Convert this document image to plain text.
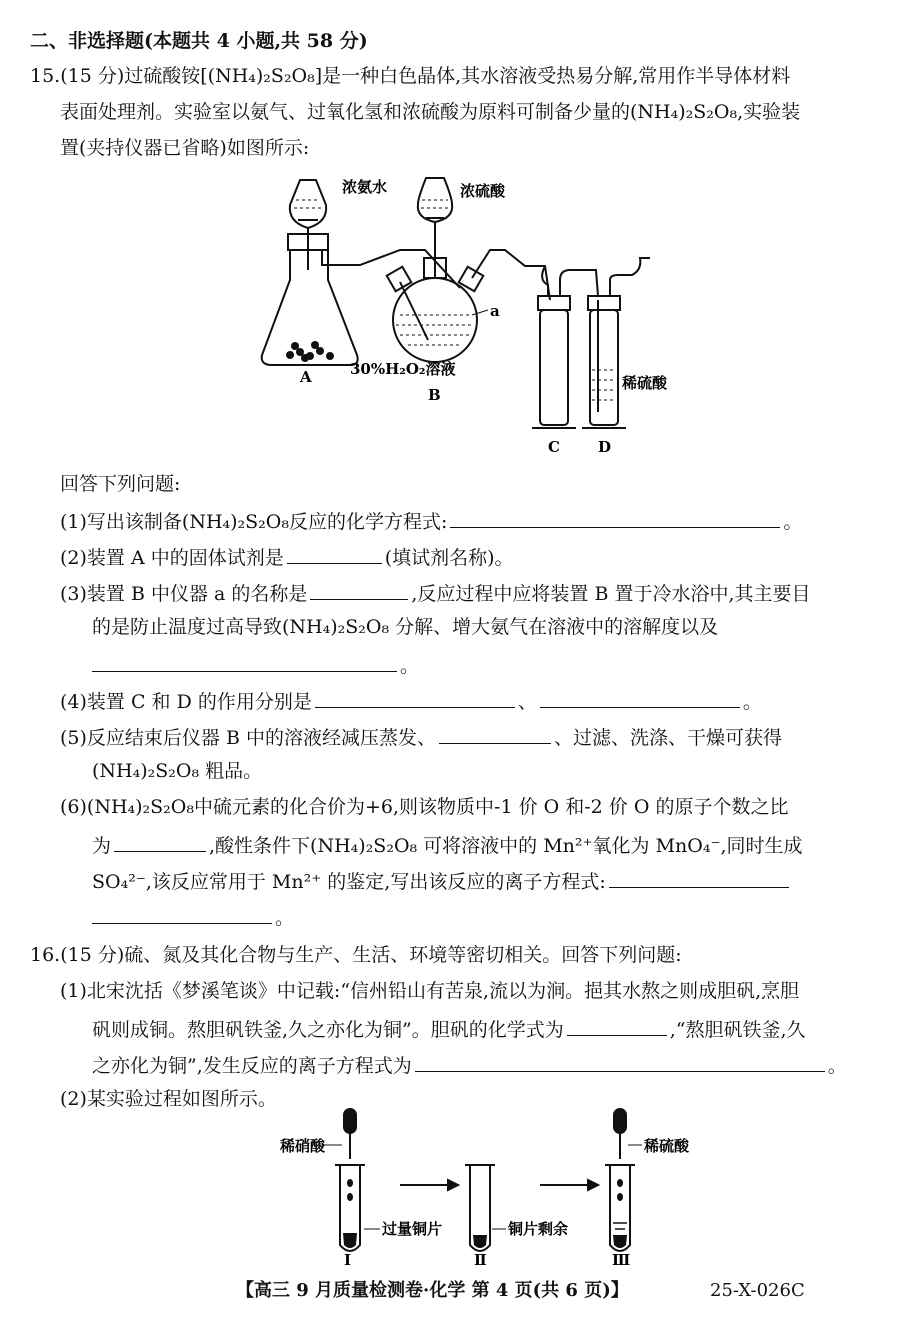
二、非选择题(本题共 4 小题,共 58 分)
15.(15 分)过硫酸铵[(NH₄)₂S₂O₈]是一种白色晶体,其水溶液受热易分解,常用作半导体材料
表面处理剂。实验室以氨气、过氧化氢和浓硫酸为原料可制备少量的(NH₄)₂S₂O₈,实验装
置(夹持仪器已省略)如图所示:
浓氨水	浓硫酸
a
30%H₂O₂溶液
稀硫酸
A
B
C	D
回答下列问题:
(1)写出该制备(NH₄)₂S₂O₈反应的化学方程式:	。
(2)装置 A 中的固体试剂是	(填试剂名称)。
(3)装置 B 中仪器 a 的名称是	,反应过程中应将装置 B 置于冷水浴中,其主要目
的是防止温度过高导致(NH₄)₂S₂O₈ 分解、增大氨气在溶液中的溶解度以及
。
(4)装置 C 和 D 的作用分别是	、	。
(5)反应结束后仪器 B 中的溶液经减压蒸发、	、过滤、洗涤、干燥可获得
(NH₄)₂S₂O₈ 粗品。
(6)(NH₄)₂S₂O₈中硫元素的化合价为+6,则该物质中-1 价 O 和-2 价 O 的原子个数之比
为	,酸性条件下(NH₄)₂S₂O₈ 可将溶液中的 Mn²⁺氧化为 MnO₄⁻,同时生成
SO₄²⁻,该反应常用于 Mn²⁺ 的鉴定,写出该反应的离子方程式:
。
16.(15 分)硫、氮及其化合物与生产、生活、环境等密切相关。回答下列问题:
(1)北宋沈括《梦溪笔谈》中记载:“信州铅山有苦泉,流以为涧。挹其水熬之则成胆矾,烹胆
矾则成铜。熬胆矾铁釜,久之亦化为铜”。胆矾的化学式为	,“熬胆矾铁釜,久
之亦化为铜”,发生反应的离子方程式为	。
(2)某实验过程如图所示。
稀硝酸
过量铜片	铜片剩余
稀硫酸
Ⅰ	Ⅱ	Ⅲ
【高三 9 月质量检测卷·化学 第 4 页(共 6 页)】	25-X-026C
